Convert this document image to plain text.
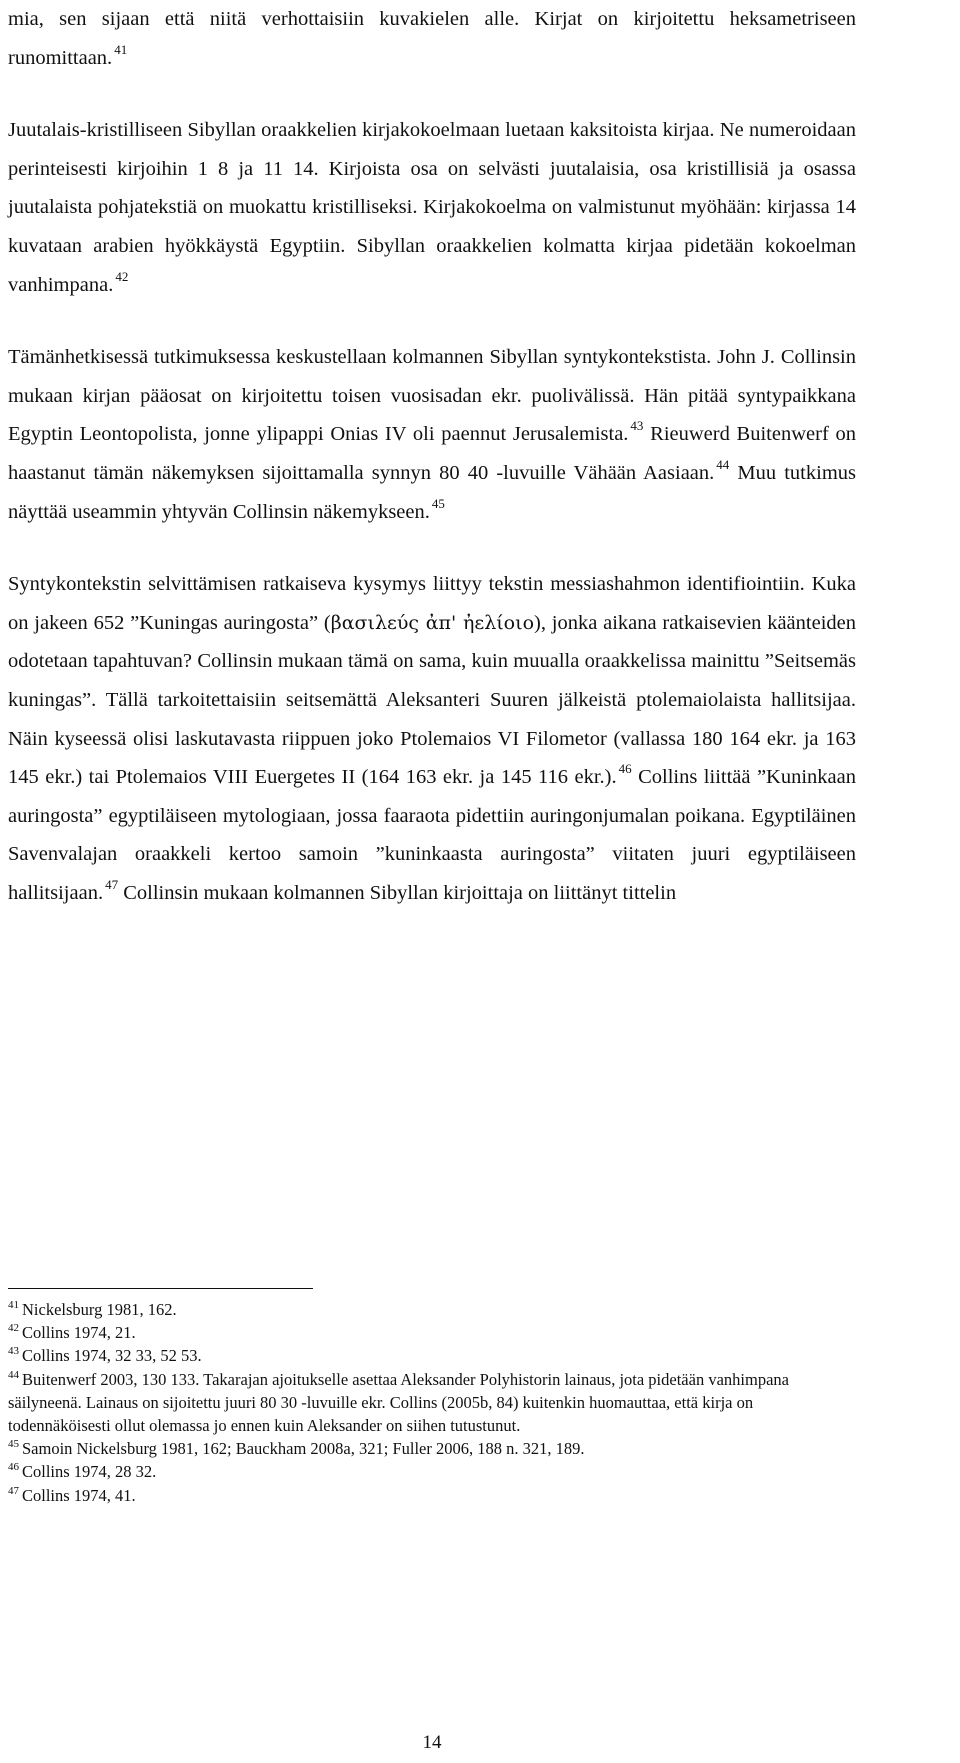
mia, sen sijaan että niitä verhottaisiin kuvakielen alle. Kirjat on kirjoitettu heksametriseen runomittaan. $^{41}$

Juutalais-kristilliseen Sibyllan oraakkelien kirjakokoelmaan luetaan kaksitoista kirjaa. Ne numeroidaan perinteisesti kirjoihin 1 8 ja 11 14. Kirjoista osa on selvästi juutalaisia, osa kristillisiä ja osassa juutalaista pohjatekstiä on muokattu kristilliseksi. Kirjakokoelma on valmistunut myöhään: kirjassa 14 kuvataan arabien hyökkäystä Egyptiin. Sibyllan oraakkelien kolmatta kirjaa pidetään kokoelman vanhimpana. $^{42}$

Tämänhetkisessä tutkimuksessa keskustellaan kolmannen Sibyllan syntykontekstista. John J. Collinsin mukaan kirjan pääosat on kirjoitettu toisen vuosisadan ekr. puolivälissä. Hän pitää syntypaikkana Egyptin Leontopolista, jonne ylipappi Onias IV oli paennut Jerusalemista. $^{43}$ Rieuwerd Buitenwerf on haastanut tämän näkemyksen sijoittamalla synnyn 80 40 -luvuille Vähään Aasiaan. $^{44}$ Muu tutkimus näyttää useammin yhtyvän Collinsin näkemykseen. $^{45}$

Syntykontekstin selvittämisen ratkaiseva kysymys liittyy tekstin messiashahmon identifiointiin. Kuka on jakeen 652 ”Kuningas auringosta” (βασιλεύς ἀπ' ἠελίοιο), jonka aikana ratkaisevien käänteiden odotetaan tapahtuvan? Collinsin mukaan tämä on sama, kuin muualla oraakkelissa mainittu ”Seitsemäs kuningas”. Tällä tarkoitettaisiin seitsemättä Aleksanteri Suuren jälkeistä ptolemaiolaista hallitsijaa. Näin kyseessä olisi laskutavasta riippuen joko Ptolemaios VI Filometor (vallassa 180 164 ekr. ja 163 145 ekr.) tai Ptolemaios VIII Euergetes II (164 163 ekr. ja 145 116 ekr.). $^{46}$ Collins liittää ”Kuninkaan auringosta” egyptiläiseen mytologiaan, jossa faaraota pidettiin auringonjumalan poikana. Egyptiläinen Savenvalajan oraakkeli kertoo samoin ”kuninkaasta auringosta” viitaten juuri egyptiläiseen hallitsijaan. $^{47}$ Collinsin mukaan kolmannen Sibyllan kirjoittaja on liittänyt tittelin

$^{41}$ Nickelsburg 1981, 162.
$^{42}$ Collins 1974, 21.
$^{43}$ Collins 1974, 32 33, 52 53.
$^{44}$ Buitenwerf 2003, 130 133. Takarajan ajoitukselle asettaa Aleksander Polyhistorin lainaus, jota pidetään vanhimpana säilyneenä. Lainaus on sijoitettu juuri 80 30 -luvuille ekr. Collins (2005b, 84) kuitenkin huomauttaa, että kirja on todennäköisesti ollut olemassa jo ennen kuin Aleksander on siihen tutustunut.
$^{45}$ Samoin Nickelsburg 1981, 162; Bauckham 2008a, 321; Fuller 2006, 188 n. 321, 189.
$^{46}$ Collins 1974, 28 32.
$^{47}$ Collins 1974, 41.
14
